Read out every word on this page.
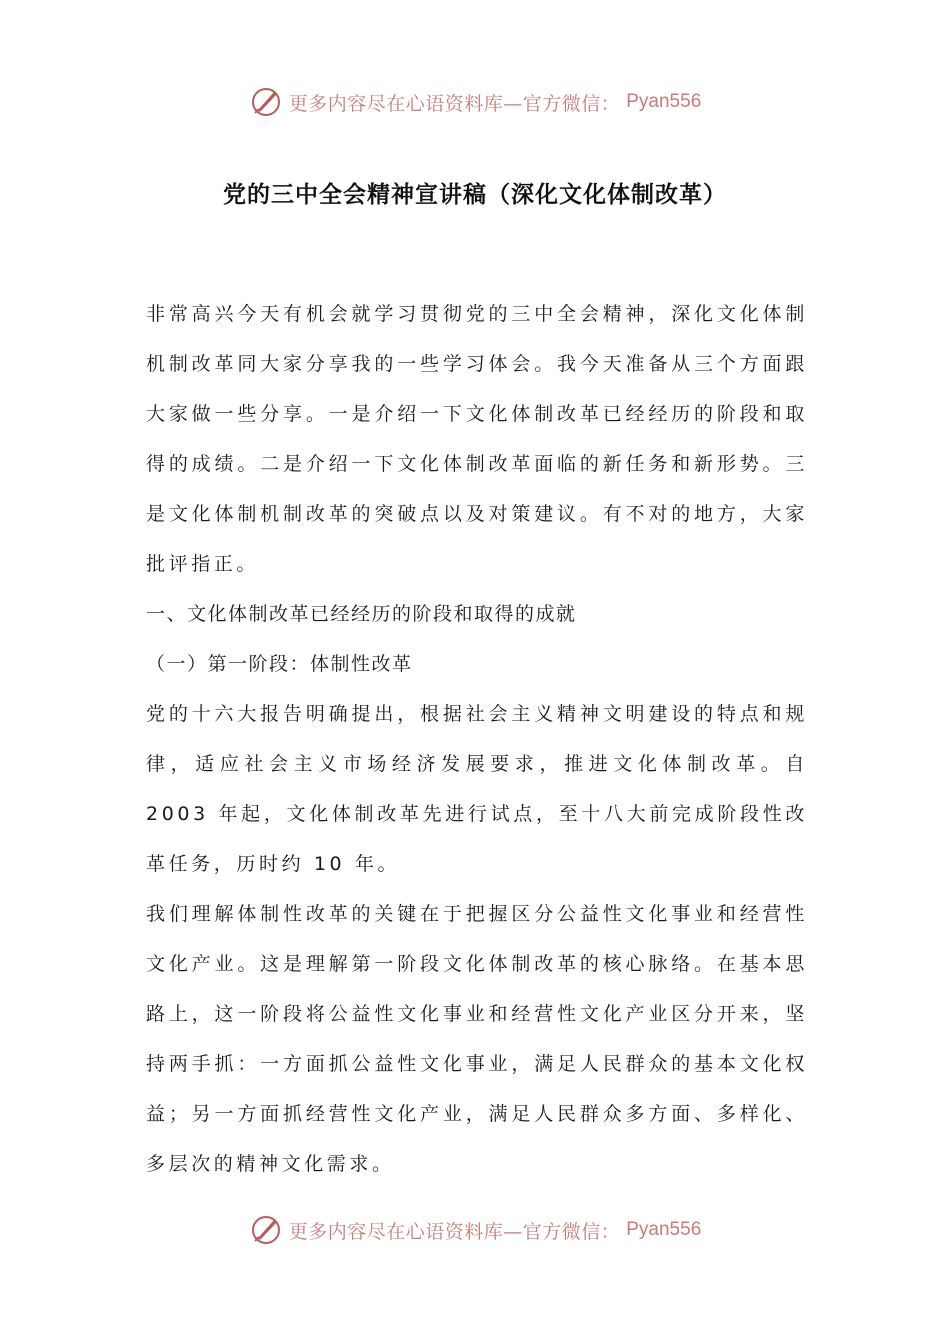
更多内容尽在心语资料库—官方微信： Pyan556
党的三中全会精神宣讲稿（深化文化体制改革）

非常高兴今天有机会就学习贯彻党的三中全会精神，深化文化体制机制改革同大家分享我的一些学习体会。我今天准备从三个方面跟大家做一些分享。一是介绍一下文化体制改革已经经历的阶段和取得的成绩。二是介绍一下文化体制改革面临的新任务和新形势。三是文化体制机制改革的突破点以及对策建议。有不对的地方，大家批评指正。

一、文化体制改革已经经历的阶段和取得的成就

（一）第一阶段：体制性改革

党的十六大报告明确提出，根据社会主义精神文明建设的特点和规律，适应社会主义市场经济发展要求，推进文化体制改革。自 2003 年起，文化体制改革先进行试点，至十八大前完成阶段性改革任务，历时约 10 年。

我们理解体制性改革的关键在于把握区分公益性文化事业和经营性文化产业。这是理解第一阶段文化体制改革的核心脉络。在基本思路上，这一阶段将公益性文化事业和经营性文化产业区分开来，坚持两手抓：一方面抓公益性文化事业，满足人民群众的基本文化权益；另一方面抓经营性文化产业，满足人民群众多方面、多样化、多层次的精神文化需求。

更多内容尽在心语资料库—官方微信： Pyan556
